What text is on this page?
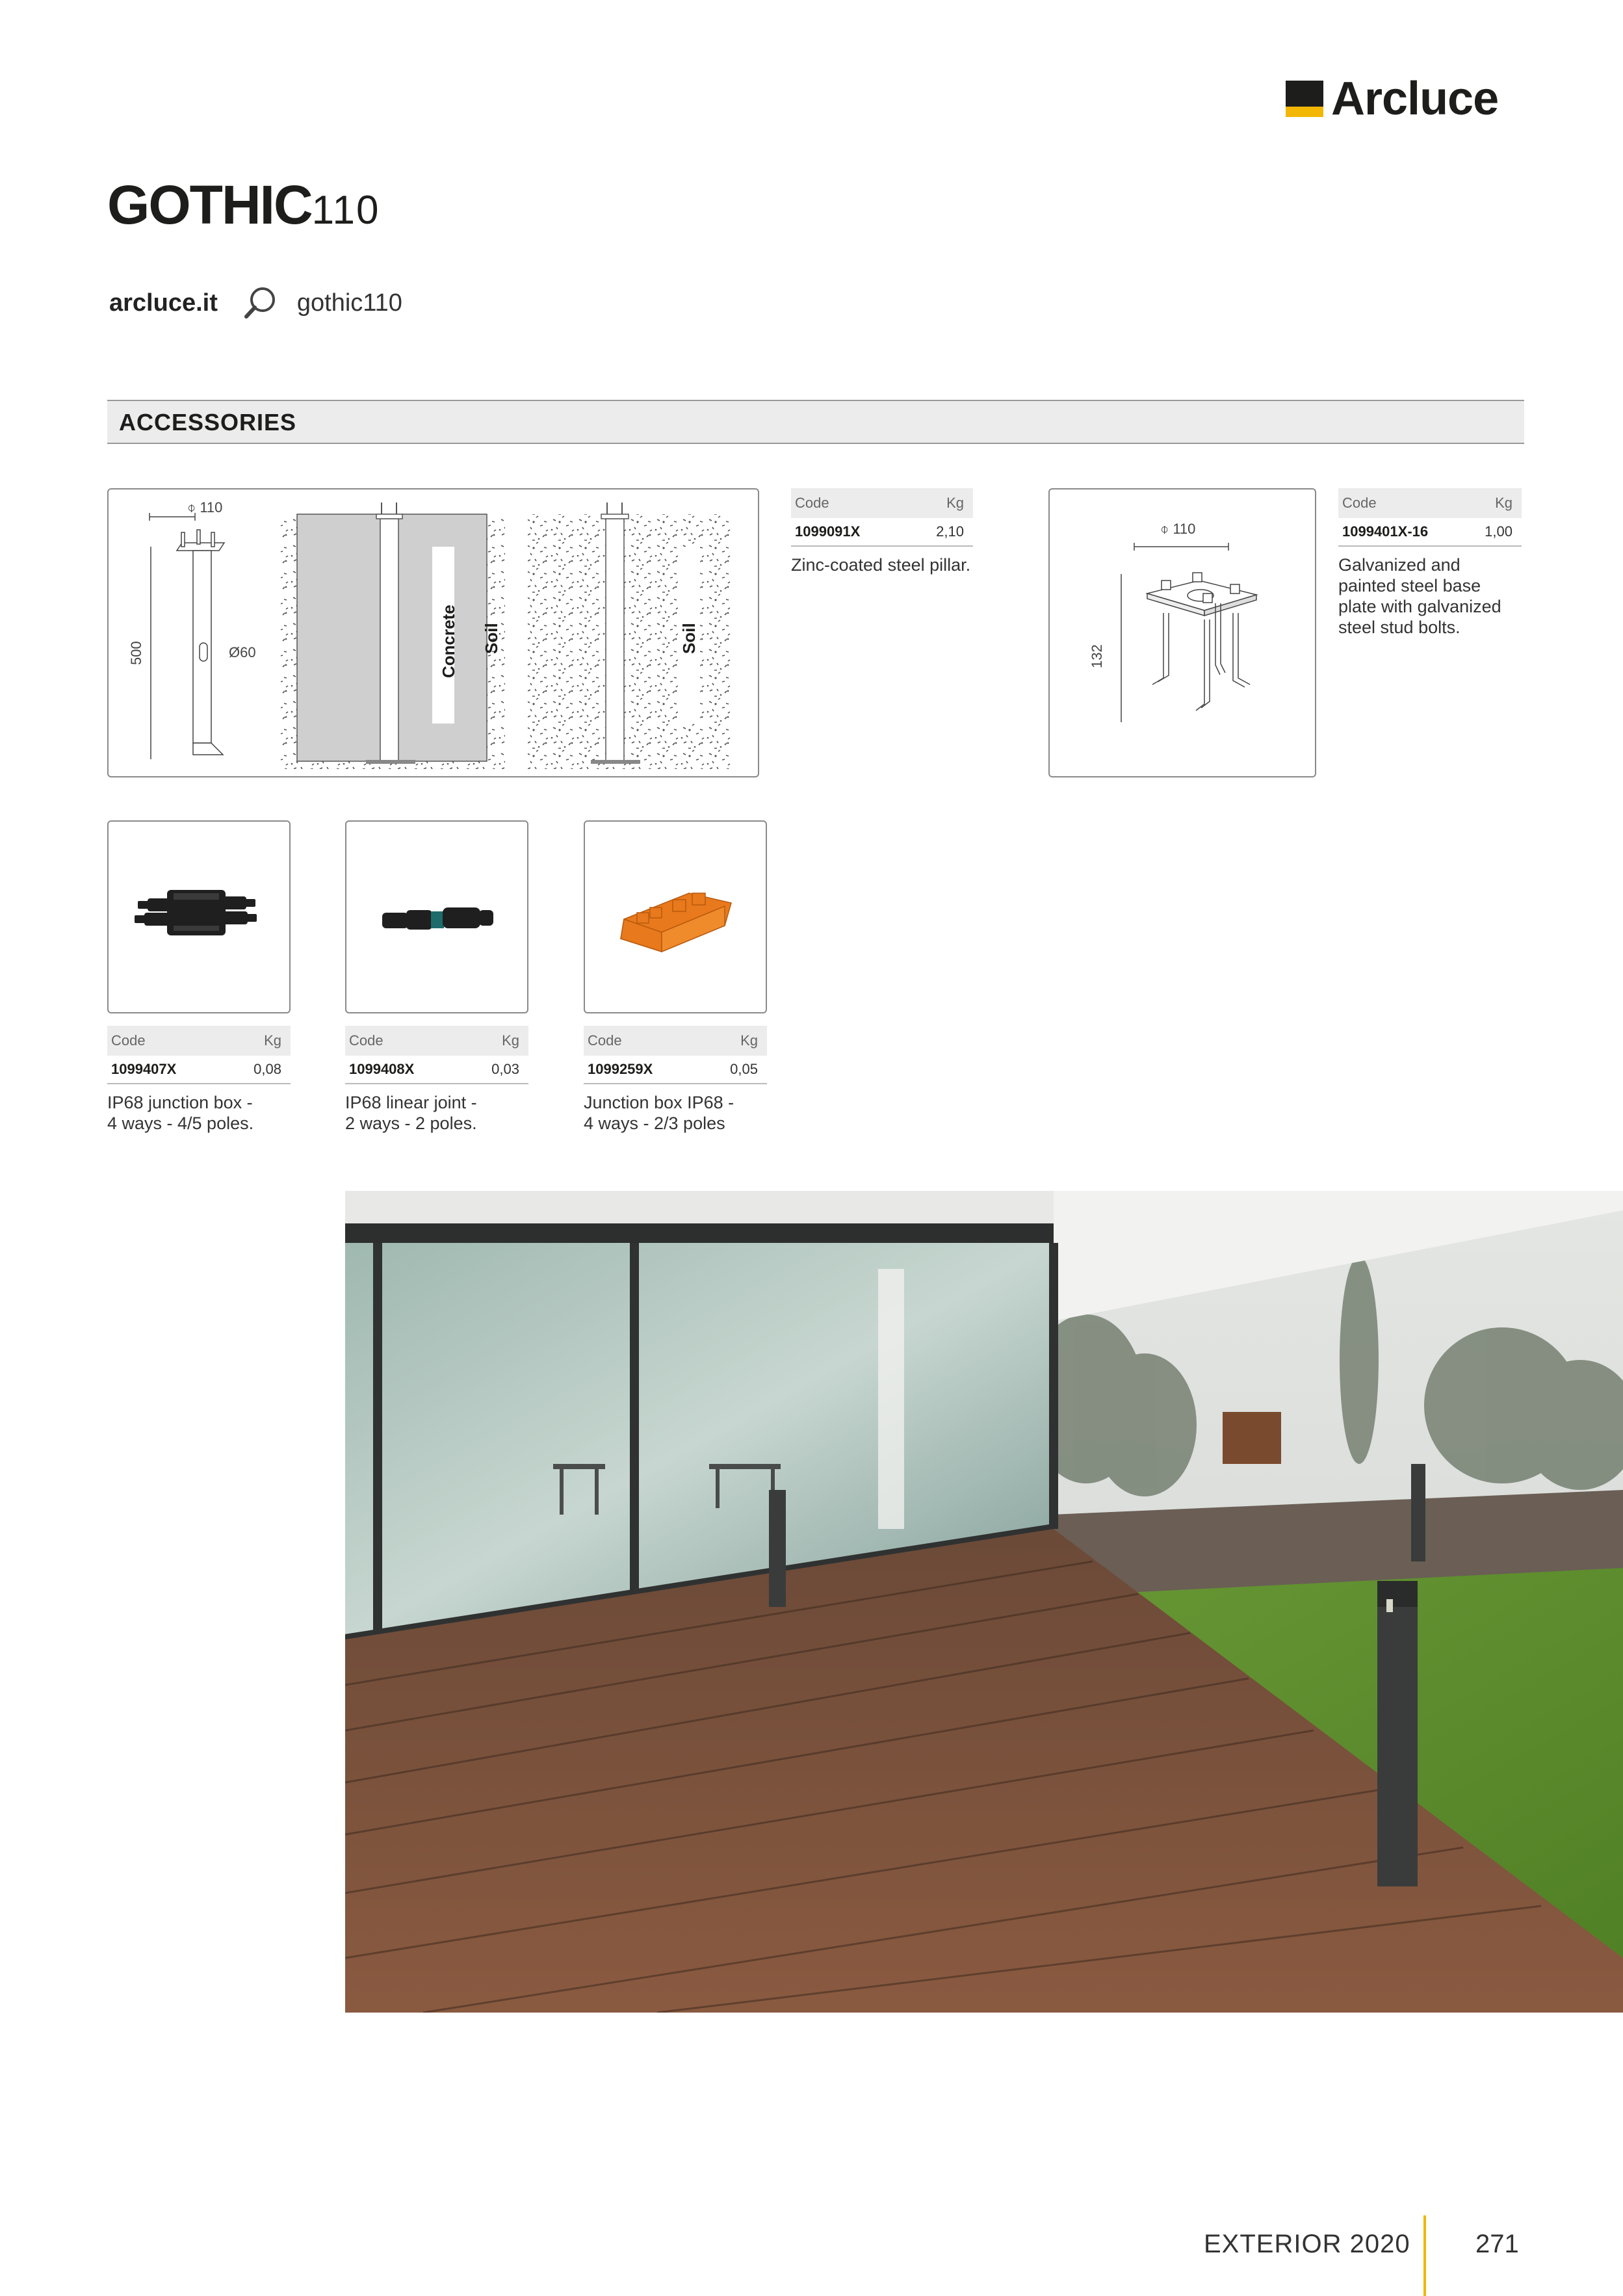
Arcluce
GOTHIC110
arcluce.it	gothic110
ACCESSORIES
⌽ 110
500	Ø60	Concrete Soil	Soil
Code	Kg
1099091X	2,10
Zinc-coated steel pillar.
⌽ 110
132
Code	Kg
1099401X-16	1,00
Galvanized and painted steel base plate with galvanized steel stud bolts.
Code	Kg
1099407X	0,08
IP68 junction box -
4 ways - 4/5 poles.
Code	Kg
1099408X	0,03
IP68 linear joint -
2 ways - 2 poles.
Code	Kg
1099259X	0,05
Junction box IP68 -
4 ways - 2/3 poles
EXTERIOR 2020	271
